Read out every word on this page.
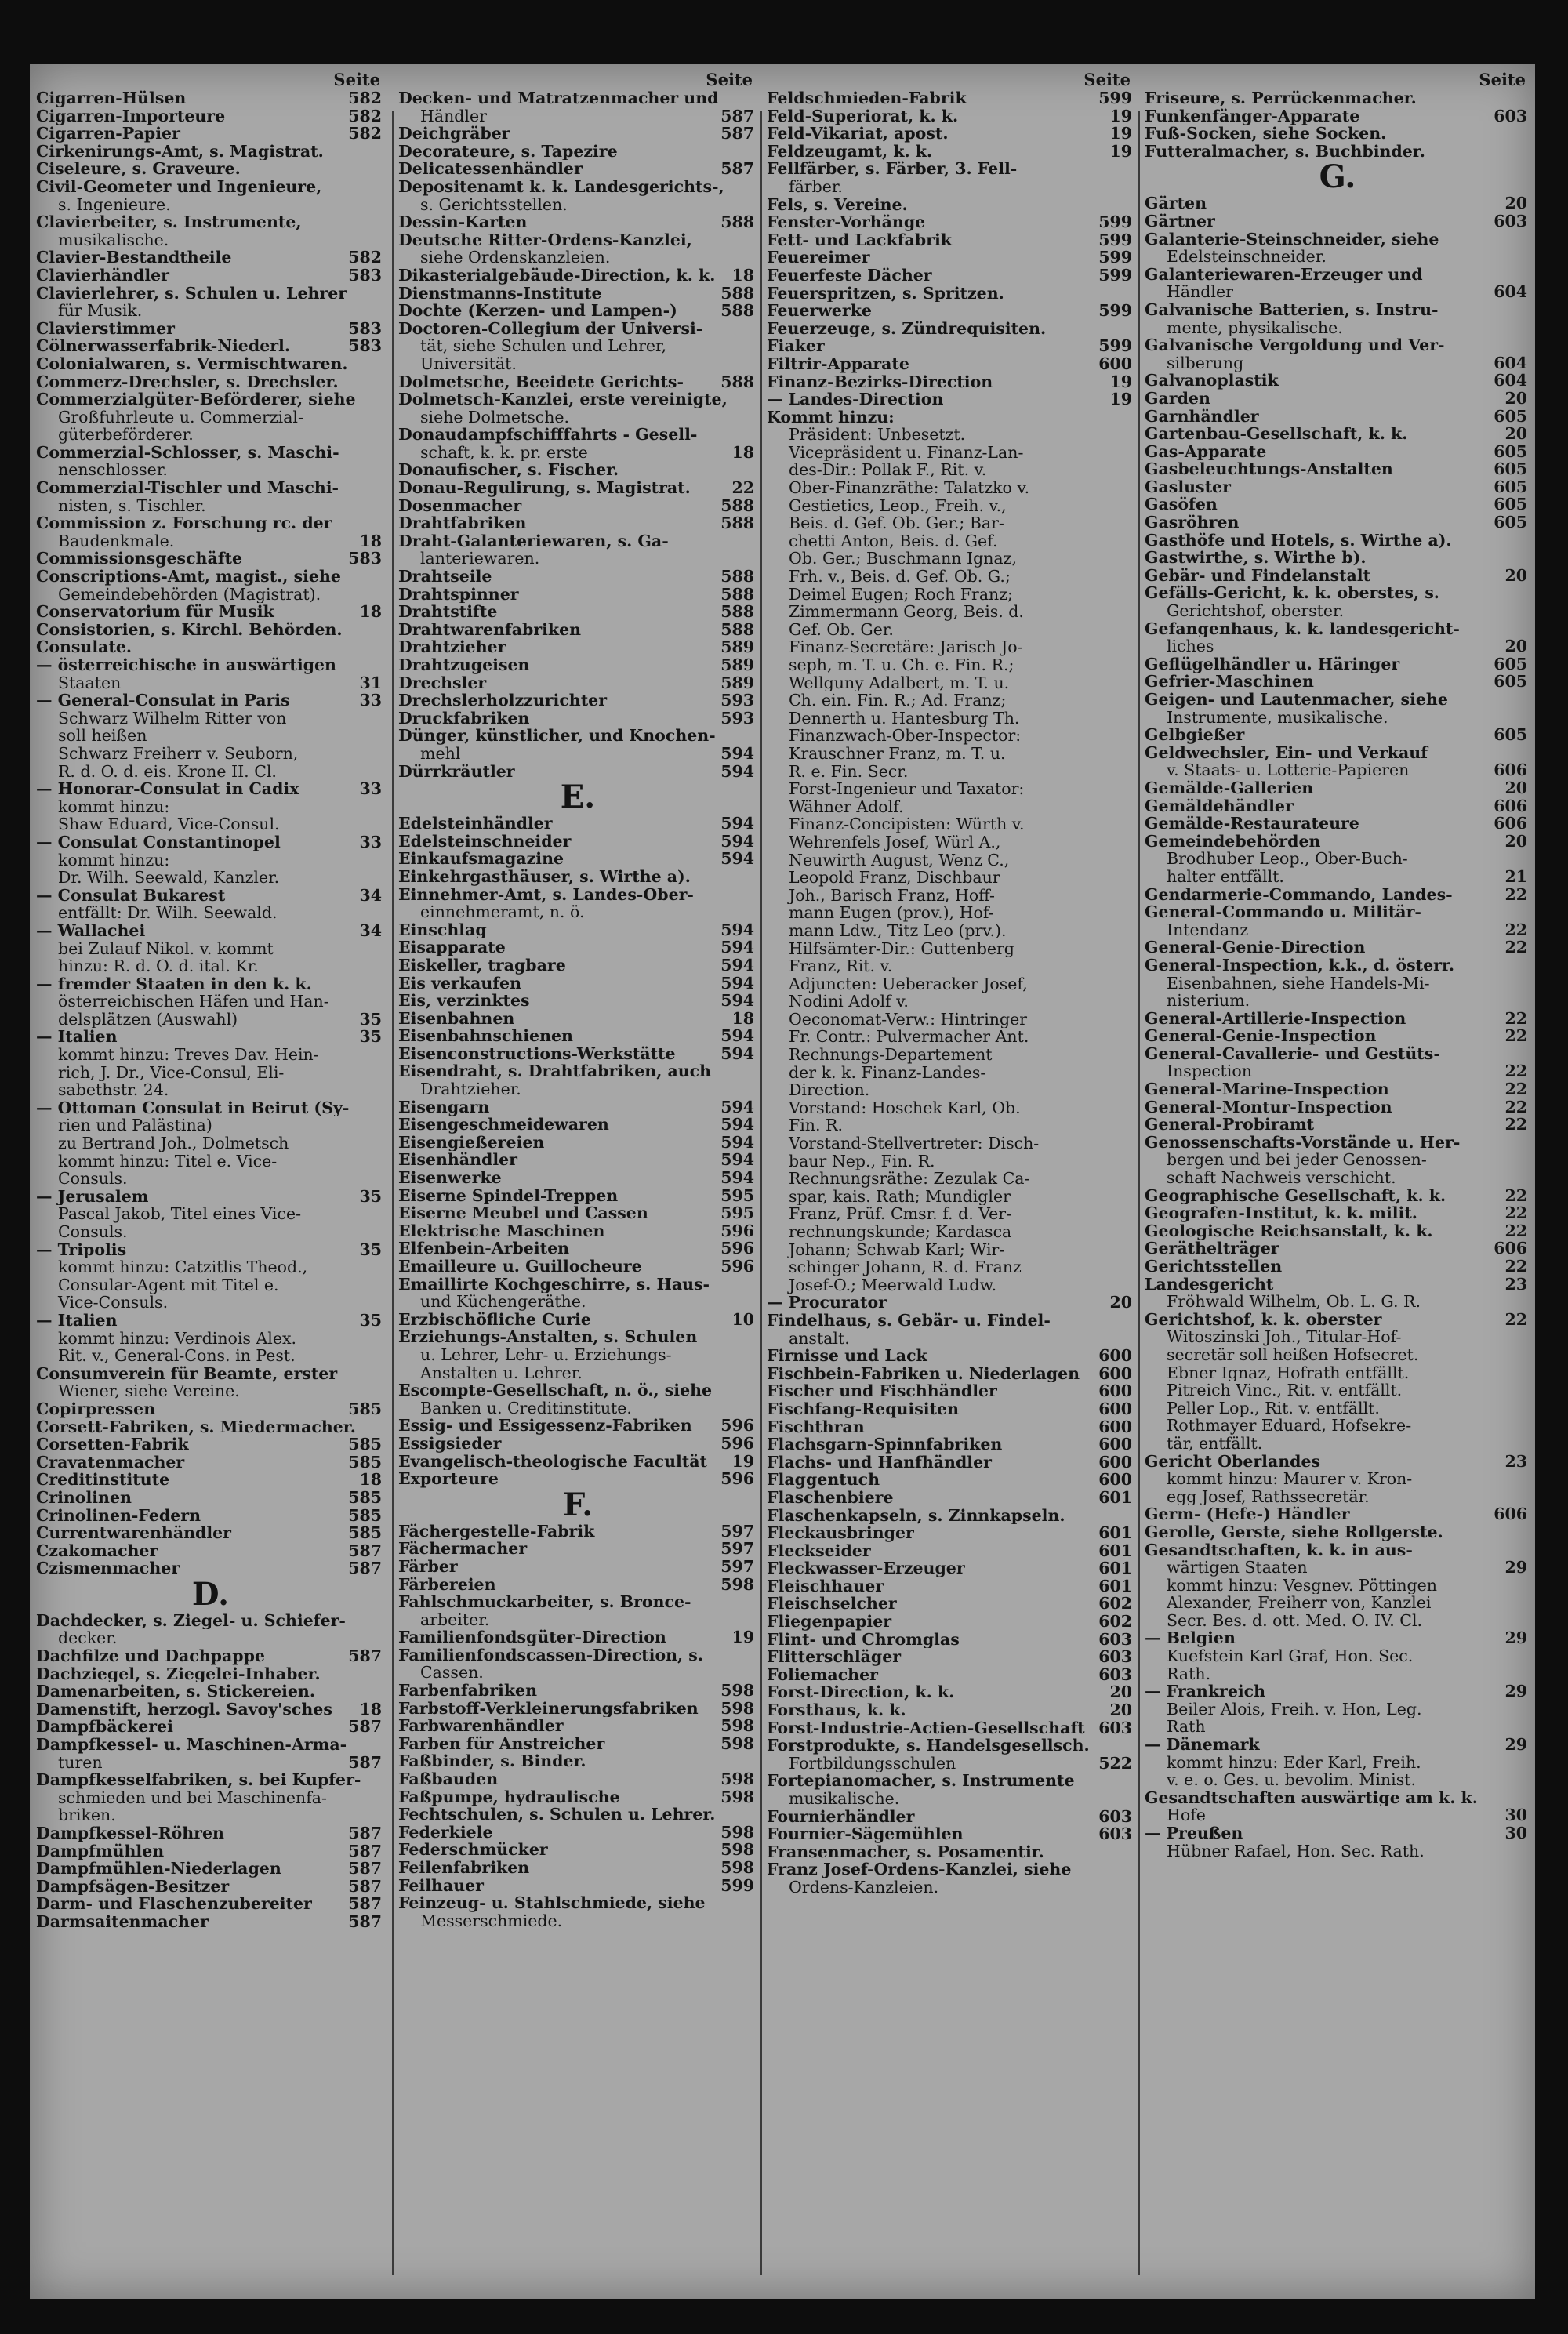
Seite
Cigarren-Hülsen	582
Cigarren-Importeure	582
Cigarren-Papier	582
Cirkenirungs-Amt, s. Magistrat.
Ciseleure, s. Graveure.
Civil-Geometer und Ingenieure,
s. Ingenieure.
Clavierbeiter, s. Instrumente,
musikalische.
Clavier-Bestandtheile	582
Clavierhändler	583
Clavierlehrer, s. Schulen u. Lehrer
für Musik.
Clavierstimmer	583
Cölnerwasserfabrik-Niederl.	583
Colonialwaren, s. Vermischtwaren.
Commerz-Drechsler, s. Drechsler.
Commerzialgüter-Beförderer, siehe
Großfuhrleute u. Commerzial-
güterbeförderer.
Commerzial-Schlosser, s. Maschi-
nenschlosser.
Commerzial-Tischler und Maschi-
nisten, s. Tischler.
Commission z. Forschung rc. der
Baudenkmale.	18
Commissionsgeschäfte	583
Conscriptions-Amt, magist., siehe
Gemeindebehörden (Magistrat).
Conservatorium für Musik	18
Consistorien, s. Kirchl. Behörden.
Consulate.
— österreichische in auswärtigen
Staaten	31
— General-Consulat in Paris	33
Schwarz Wilhelm Ritter von
soll heißen
Schwarz Freiherr v. Seuborn,
R. d. O. d. eis. Krone II. Cl.
— Honorar-Consulat in Cadix	33
kommt hinzu:
Shaw Eduard, Vice-Consul.
— Consulat Constantinopel	33
kommt hinzu:
Dr. Wilh. Seewald, Kanzler.
— Consulat Bukarest	34
entfällt: Dr. Wilh. Seewald.
— Wallachei	34
bei Zulauf Nikol. v. kommt
hinzu: R. d. O. d. ital. Kr.
— fremder Staaten in den k. k.
österreichischen Häfen und Han-
delsplätzen (Auswahl)	35
— Italien	35
kommt hinzu: Treves Dav. Hein-
rich, J. Dr., Vice-Consul, Eli-
sabethstr. 24.
— Ottoman Consulat in Beirut (Sy-
rien und Palästina)
zu Bertrand Joh., Dolmetsch
kommt hinzu: Titel e. Vice-
Consuls.
— Jerusalem	35
Pascal Jakob, Titel eines Vice-
Consuls.
— Tripolis	35
kommt hinzu: Catzitlis Theod.,
Consular-Agent mit Titel e.
Vice-Consuls.
— Italien	35
kommt hinzu: Verdinois Alex.
Rit. v., General-Cons. in Pest.
Consumverein für Beamte, erster
Wiener, siehe Vereine.
Copirpressen	585
Corsett-Fabriken, s. Miedermacher.
Corsetten-Fabrik	585
Cravatenmacher	585
Creditinstitute	18
Crinolinen	585
Crinolinen-Federn	585
Currentwarenhändler	585
Czakomacher	587
Czismenmacher	587
D.
Dachdecker, s. Ziegel- u. Schiefer-
decker.
Dachfilze und Dachpappe	587
Dachziegel, s. Ziegelei-Inhaber.
Damenarbeiten, s. Stickereien.
Damenstift, herzogl. Savoy'sches	18
Dampfbäckerei	587
Dampfkessel- u. Maschinen-Arma-
turen	587
Dampfkesselfabriken, s. bei Kupfer-
schmieden und bei Maschinenfa-
briken.
Dampfkessel-Röhren	587
Dampfmühlen	587
Dampfmühlen-Niederlagen	587
Dampfsägen-Besitzer	587
Darm- und Flaschenzubereiter	587
Darmsaitenmacher	587
Seite
Decken- und Matratzenmacher und
Händler	587
Deichgräber	587
Decorateure, s. Tapezire
Delicatessenhändler	587
Depositenamt k. k. Landesgerichts-,
s. Gerichtsstellen.
Dessin-Karten	588
Deutsche Ritter-Ordens-Kanzlei,
siehe Ordenskanzleien.
Dikasterialgebäude-Direction, k. k.	18
Dienstmanns-Institute	588
Dochte (Kerzen- und Lampen-)	588
Doctoren-Collegium der Universi-
tät, siehe Schulen und Lehrer,
Universität.
Dolmetsche, Beeidete Gerichts-	588
Dolmetsch-Kanzlei, erste vereinigte,
siehe Dolmetsche.
Donaudampfschifffahrts - Gesell-
schaft, k. k. pr. erste	18
Donaufischer, s. Fischer.
Donau-Regulirung, s. Magistrat.	22
Dosenmacher	588
Drahtfabriken	588
Draht-Galanteriewaren, s. Ga-
lanteriewaren.
Drahtseile	588
Drahtspinner	588
Drahtstifte	588
Drahtwarenfabriken	588
Drahtzieher	589
Drahtzugeisen	589
Drechsler	589
Drechslerholzzurichter	593
Druckfabriken	593
Dünger, künstlicher, und Knochen-
mehl	594
Dürrkräutler	594
E.
Edelsteinhändler	594
Edelsteinschneider	594
Einkaufsmagazine	594
Einkehrgasthäuser, s. Wirthe a).
Einnehmer-Amt, s. Landes-Ober-
einnehmeramt, n. ö.
Einschlag	594
Eisapparate	594
Eiskeller, tragbare	594
Eis verkaufen	594
Eis, verzinktes	594
Eisenbahnen	18
Eisenbahnschienen	594
Eisenconstructions-Werkstätte	594
Eisendraht, s. Drahtfabriken, auch
Drahtzieher.
Eisengarn	594
Eisengeschmeidewaren	594
Eisengießereien	594
Eisenhändler	594
Eisenwerke	594
Eiserne Spindel-Treppen	595
Eiserne Meubel und Cassen	595
Elektrische Maschinen	596
Elfenbein-Arbeiten	596
Emailleure u. Guillocheure	596
Emaillirte Kochgeschirre, s. Haus-
und Küchengeräthe.
Erzbischöfliche Curie	10
Erziehungs-Anstalten, s. Schulen
u. Lehrer, Lehr- u. Erziehungs-
Anstalten u. Lehrer.
Escompte-Gesellschaft, n. ö., siehe
Banken u. Creditinstitute.
Essig- und Essigessenz-Fabriken	596
Essigsieder	596
Evangelisch-theologische Facultät	19
Exporteure	596
F.
Fächergestelle-Fabrik	597
Fächermacher	597
Färber	597
Färbereien	598
Fahlschmuckarbeiter, s. Bronce-
arbeiter.
Familienfondsgüter-Direction	19
Familienfondscassen-Direction, s.
Cassen.
Farbenfabriken	598
Farbstoff-Verkleinerungsfabriken	598
Farbwarenhändler	598
Farben für Anstreicher	598
Faßbinder, s. Binder.
Faßbauden	598
Faßpumpe, hydraulische	598
Fechtschulen, s. Schulen u. Lehrer.
Federkiele	598
Federschmücker	598
Feilenfabriken	598
Feilhauer	599
Feinzeug- u. Stahlschmiede, siehe
Messerschmiede.
Seite
Feldschmieden-Fabrik	599
Feld-Superiorat, k. k.	19
Feld-Vikariat, apost.	19
Feldzeugamt, k. k.	19
Fellfärber, s. Färber, 3. Fell-
färber.
Fels, s. Vereine.
Fenster-Vorhänge	599
Fett- und Lackfabrik	599
Feuereimer	599
Feuerfeste Dächer	599
Feuerspritzen, s. Spritzen.
Feuerwerke	599
Feuerzeuge, s. Zündrequisiten.
Fiaker	599
Filtrir-Apparate	600
Finanz-Bezirks-Direction	19
— Landes-Direction	19
Kommt hinzu:
Präsident: Unbesetzt.
Vicepräsident u. Finanz-Lan-
des-Dir.: Pollak F., Rit. v.
Ober-Finanzräthe: Talatzko v.
Gestietics, Leop., Freih. v.,
Beis. d. Gef. Ob. Ger.; Bar-
chetti Anton, Beis. d. Gef.
Ob. Ger.; Buschmann Ignaz,
Frh. v., Beis. d. Gef. Ob. G.;
Deimel Eugen; Roch Franz;
Zimmermann Georg, Beis. d.
Gef. Ob. Ger.
Finanz-Secretäre: Jarisch Jo-
seph, m. T. u. Ch. e. Fin. R.;
Wellguny Adalbert, m. T. u.
Ch. ein. Fin. R.; Ad. Franz;
Dennerth u. Hantesburg Th.
Finanzwach-Ober-Inspector:
Krauschner Franz, m. T. u.
R. e. Fin. Secr.
Forst-Ingenieur und Taxator:
Wähner Adolf.
Finanz-Concipisten: Würth v.
Wehrenfels Josef, Würl A.,
Neuwirth August, Wenz C.,
Leopold Franz, Dischbaur
Joh., Barisch Franz, Hoff-
mann Eugen (prov.), Hof-
mann Ldw., Titz Leo (prv.).
Hilfsämter-Dir.: Guttenberg
Franz, Rit. v.
Adjuncten: Ueberacker Josef,
Nodini Adolf v.
Oeconomat-Verw.: Hintringer
Fr. Contr.: Pulvermacher Ant.
Rechnungs-Departement
der k. k. Finanz-Landes-
Direction.
Vorstand: Hoschek Karl, Ob.
Fin. R.
Vorstand-Stellvertreter: Disch-
baur Nep., Fin. R.
Rechnungsräthe: Zezulak Ca-
spar, kais. Rath; Mundigler
Franz, Prüf. Cmsr. f. d. Ver-
rechnungskunde; Kardasca
Johann; Schwab Karl; Wir-
schinger Johann, R. d. Franz
Josef-O.; Meerwald Ludw.
— Procurator	20
Findelhaus, s. Gebär- u. Findel-
anstalt.
Firnisse und Lack	600
Fischbein-Fabriken u. Niederlagen	600
Fischer und Fischhändler	600
Fischfang-Requisiten	600
Fischthran	600
Flachsgarn-Spinnfabriken	600
Flachs- und Hanfhändler	600
Flaggentuch	600
Flaschenbiere	601
Flaschenkapseln, s. Zinnkapseln.
Fleckausbringer	601
Fleckseider	601
Fleckwasser-Erzeuger	601
Fleischhauer	601
Fleischselcher	602
Fliegenpapier	602
Flint- und Chromglas	603
Flitterschläger	603
Foliemacher	603
Forst-Direction, k. k.	20
Forsthaus, k. k.	20
Forst-Industrie-Actien-Gesellschaft 603
Forstprodukte, s. Handelsgesellsch.
Fortbildungsschulen	522
Fortepianomacher, s. Instrumente
musikalische.
Fournierhändler	603
Fournier-Sägemühlen	603
Fransenmacher, s. Posamentir.
Franz Josef-Ordens-Kanzlei, siehe
Ordens-Kanzleien.
Seite
Friseure, s. Perrückenmacher.
Funkenfänger-Apparate	603
Fuß-Socken, siehe Socken.
Futteralmacher, s. Buchbinder.
G.
Gärten	20
Gärtner	603
Galanterie-Steinschneider, siehe
Edelsteinschneider.
Galanteriewaren-Erzeuger und
Händler	604
Galvanische Batterien, s. Instru-
mente, physikalische.
Galvanische Vergoldung und Ver-
silberung	604
Galvanoplastik	604
Garden	20
Garnhändler	605
Gartenbau-Gesellschaft, k. k.	20
Gas-Apparate	605
Gasbeleuchtungs-Anstalten	605
Gasluster	605
Gasöfen	605
Gasröhren	605
Gasthöfe und Hotels, s. Wirthe a).
Gastwirthe, s. Wirthe b).
Gebär- und Findelanstalt	20
Gefälls-Gericht, k. k. oberstes, s.
Gerichtshof, oberster.
Gefangenhaus, k. k. landesgericht-
liches	20
Geflügelhändler u. Häringer	605
Gefrier-Maschinen	605
Geigen- und Lautenmacher, siehe
Instrumente, musikalische.
Gelbgießer	605
Geldwechsler, Ein- und Verkauf
v. Staats- u. Lotterie-Papieren	606
Gemälde-Gallerien	20
Gemäldehändler	606
Gemälde-Restaurateure	606
Gemeindebehörden	20
Brodhuber Leop., Ober-Buch-
halter entfällt.	21
Gendarmerie-Commando, Landes-	22
General-Commando u. Militär-
Intendanz	22
General-Genie-Direction	22
General-Inspection, k.k., d. österr.
Eisenbahnen, siehe Handels-Mi-
nisterium.
General-Artillerie-Inspection	22
General-Genie-Inspection	22
General-Cavallerie- und Gestüts-
Inspection	22
General-Marine-Inspection	22
General-Montur-Inspection	22
General-Probiramt	22
Genossenschafts-Vorstände u. Her-
bergen und bei jeder Genossen-
schaft Nachweis verschicht.
Geographische Gesellschaft, k. k.	22
Geografen-Institut, k. k. milit.	22
Geologische Reichsanstalt, k. k.	22
Geräthelträger	606
Gerichtsstellen	22
Landesgericht	23
Fröhwald Wilhelm, Ob. L. G. R.
Gerichtshof, k. k. oberster	22
Witoszinski Joh., Titular-Hof-
secretär soll heißen Hofsecret.
Ebner Ignaz, Hofrath entfällt.
Pitreich Vinc., Rit. v. entfällt.
Peller Lop., Rit. v. entfällt.
Rothmayer Eduard, Hofsekre-
tär, entfällt.
Gericht Oberlandes	23
kommt hinzu: Maurer v. Kron-
egg Josef, Rathssecretär.
Germ- (Hefe-) Händler	606
Gerolle, Gerste, siehe Rollgerste.
Gesandtschaften, k. k. in aus-
wärtigen Staaten	29
kommt hinzu: Vesgnev. Pöttingen
Alexander, Freiherr von, Kanzlei
Secr. Bes. d. ott. Med. O. IV. Cl.
— Belgien	29
Kuefstein Karl Graf, Hon. Sec.
Rath.
— Frankreich	29
Beiler Alois, Freih. v. Hon, Leg.
Rath
— Dänemark	29
kommt hinzu: Eder Karl, Freih.
v. e. o. Ges. u. bevolim. Minist.
Gesandtschaften auswärtige am k. k.
Hofe	30
— Preußen	30
Hübner Rafael, Hon. Sec. Rath.
